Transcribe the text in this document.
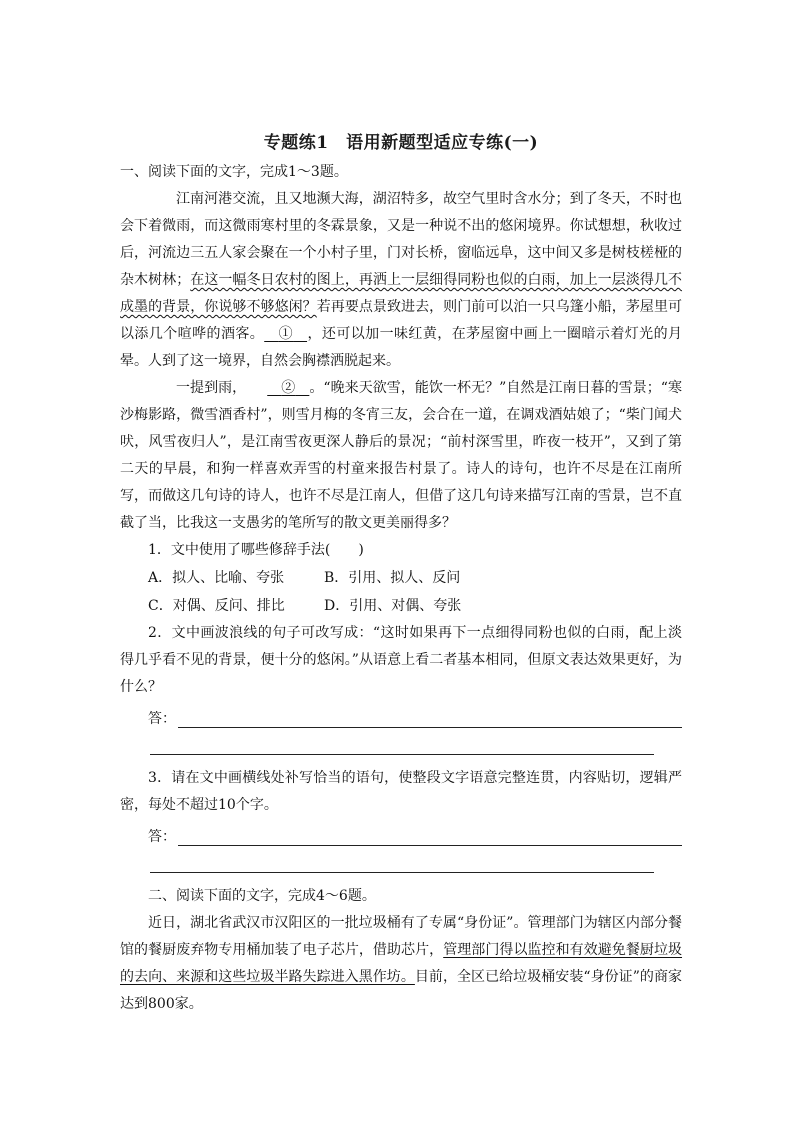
专题练1　语用新题型适应专练(一)

一、阅读下面的文字，完成1～3题。

江南河港交流，且又地濒大海，湖沼特多，故空气里时含水分；到了冬天，不时也会下着微雨，而这微雨寒村里的冬霖景象，又是一种说不出的悠闲境界。你试想想，秋收过后，河流边三五人家会聚在一个小村子里，门对长桥，窗临远阜，这中间又多是树枝槎桠的杂木树林；在这一幅冬日农村的图上，再洒上一层细得同粉也似的白雨，加上一层淡得几不成墨的背景，你说够不够悠闲？若再要点景致进去，则门前可以泊一只乌篷小船，茅屋里可以添几个喧哗的酒客。   ①   ，还可以加一味红黄，在茅屋窗中画上一圈暗示着灯光的月晕。人到了这一境界，自然会胸襟洒脱起来。

一提到雨，     	②   。“晚来天欲雪，能饮一杯无？”自然是江南日暮的雪景；“寒沙梅影路，微雪酒香村”，则雪月梅的冬宵三友，会合在一道，在调戏酒姑娘了；“柴门闻犬吠，风雪夜归人”，是江南雪夜更深人静后的景况；“前村深雪里，昨夜一枝开”，又到了第二天的早晨，和狗一样喜欢弄雪的村童来报告村景了。诗人的诗句，也许不尽是在江南所写，而做这几句诗的诗人，也许不尽是江南人，但借了这几句诗来描写江南的雪景，岂不直截了当，比我这一支愚劣的笔所写的散文更美丽得多？

1．文中使用了哪些修辞手法(　　)

A．拟人、比喻、夸张	B．引用、拟人、反问
C．对偶、反问、排比	D．引用、对偶、夸张

2．文中画波浪线的句子可改写成：“这时如果再下一点细得同粉也似的白雨，配上淡得几乎看不见的背景，便十分的悠闲。”从语意上看二者基本相同，但原文表达效果更好，为什么？

答：

3．请在文中画横线处补写恰当的语句，使整段文字语意完整连贯，内容贴切，逻辑严密，每处不超过10个字。

答：

二、阅读下面的文字，完成4～6题。

近日，湖北省武汉市汉阳区的一批垃圾桶有了专属“身份证”。管理部门为辖区内部分餐馆的餐厨废弃物专用桶加装了电子芯片，借助芯片，管理部门得以监控和有效避免餐厨垃圾的去向、来源和这些垃圾半路失踪进入黑作坊。目前，全区已给垃圾桶安装“身份证”的商家达到800家。
